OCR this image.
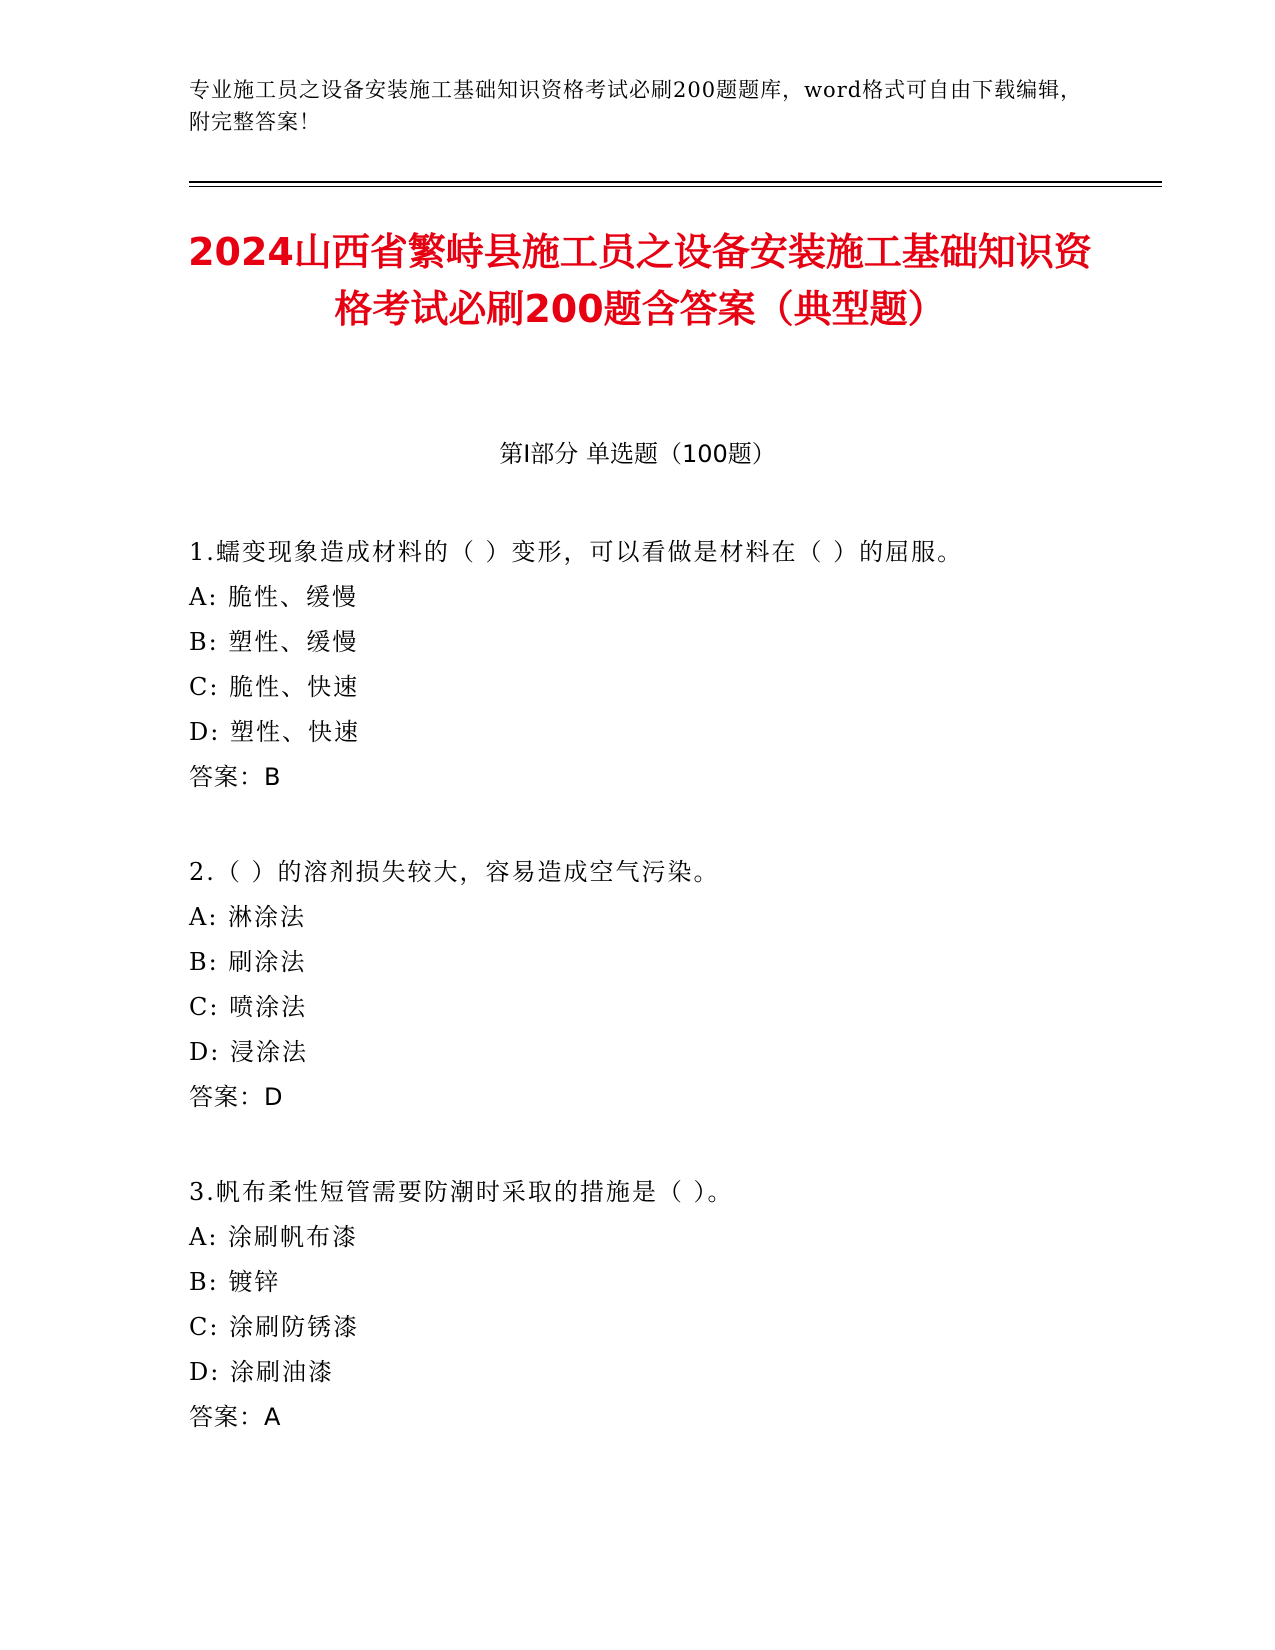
专业施工员之设备安装施工基础知识资格考试必刷200题题库，word格式可自由下载编辑，附完整答案！
2024山西省繁峙县施工员之设备安装施工基础知识资格考试必刷200题含答案（典型题）
第Ⅰ部分 单选题（100题）
1.蠕变现象造成材料的（ ）变形，可以看做是材料在（ ）的屈服。
A: 脆性、缓慢
B: 塑性、缓慢
C: 脆性、快速
D: 塑性、快速
答案：B
2.（ ）的溶剂损失较大，容易造成空气污染。
A: 淋涂法
B: 刷涂法
C: 喷涂法
D: 浸涂法
答案：D
3.帆布柔性短管需要防潮时采取的措施是（ ）。
A: 涂刷帆布漆
B: 镀锌
C: 涂刷防锈漆
D: 涂刷油漆
答案：A
